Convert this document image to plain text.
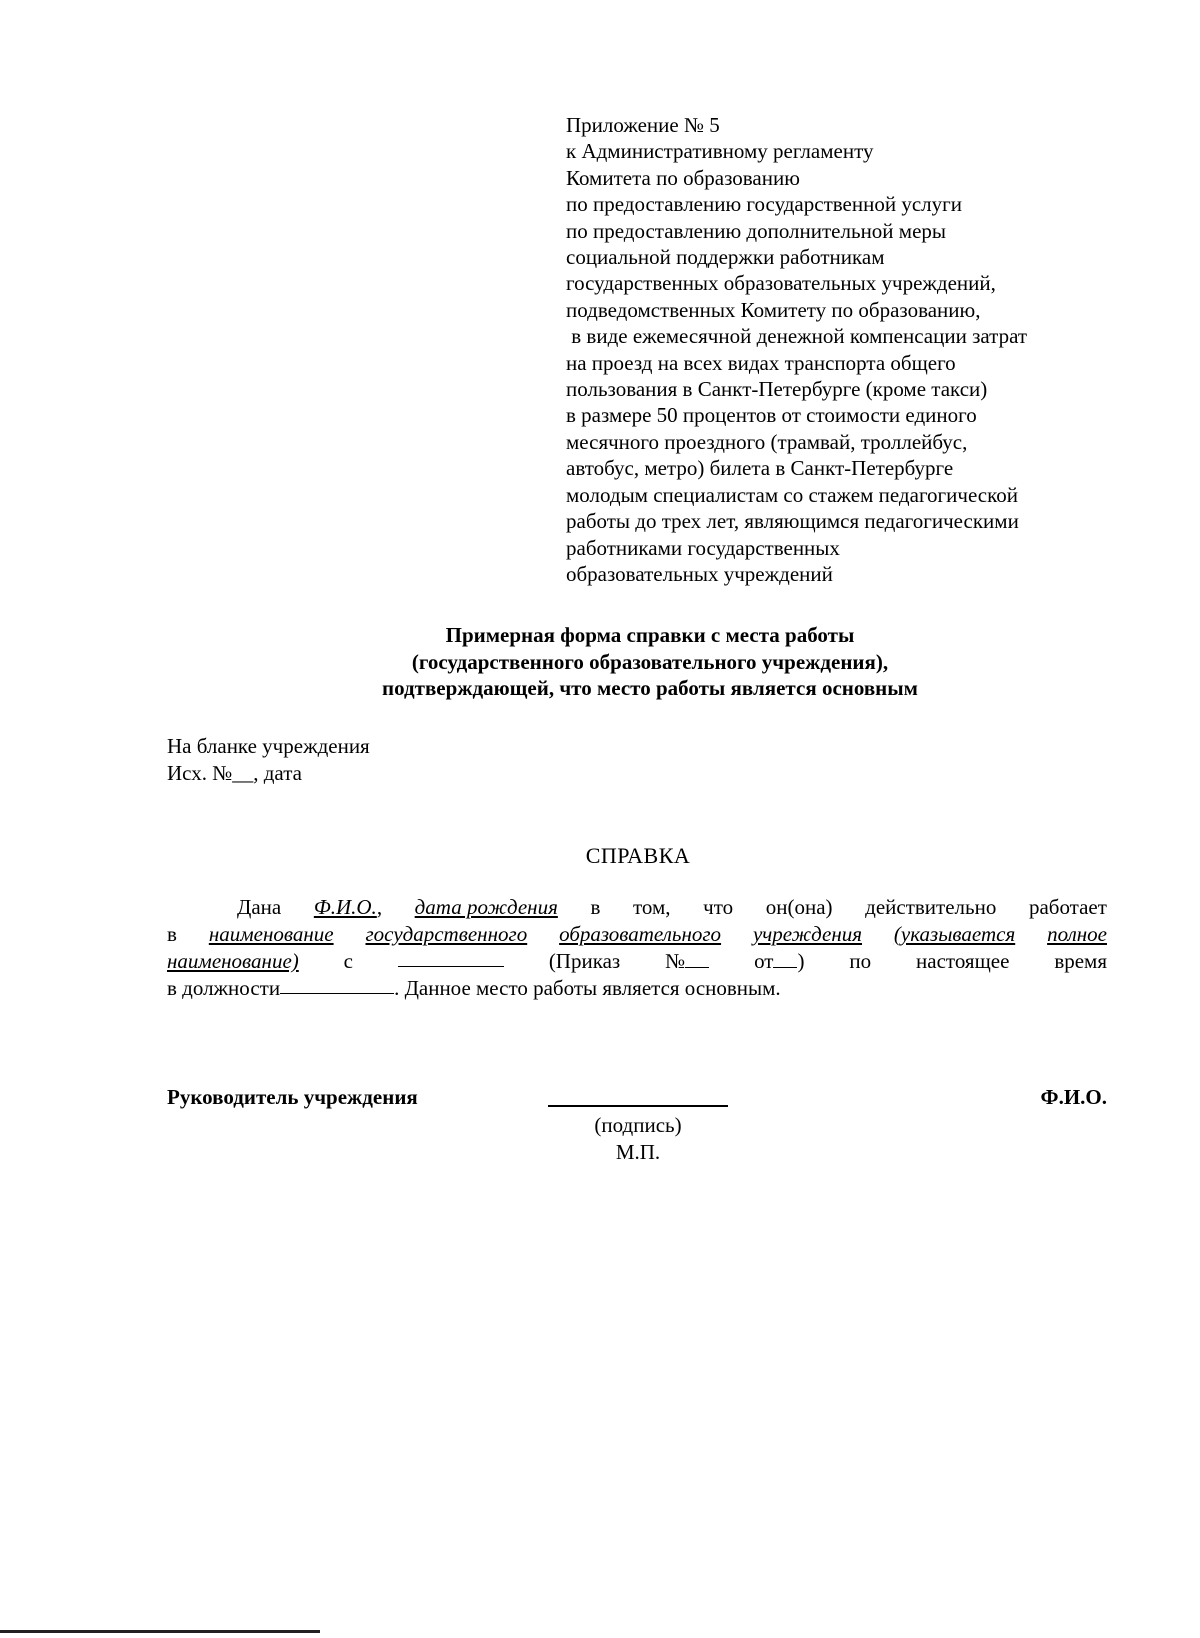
Приложение № 5
к Административному регламенту
Комитета по образованию
по предоставлению государственной услуги
по предоставлению дополнительной меры
социальной поддержки работникам
государственных образовательных учреждений,
подведомственных Комитету по образованию,
в виде ежемесячной денежной компенсации затрат
на проезд на всех видах транспорта общего
пользования в Санкт-Петербурге (кроме такси)
в размере 50 процентов от стоимости единого
месячного проездного (трамвай, троллейбус,
автобус, метро) билета в Санкт-Петербурге
молодым специалистам со стажем педагогической
работы до трех лет, являющимся педагогическими
работниками государственных
образовательных учреждений
Примерная форма справки с места работы
(государственного образовательного учреждения),
подтверждающей, что место работы является основным
На бланке учреждения
Исх. №__, дата
СПРАВКА
Дана Ф.И.О., дата рождения в том, что он(она) действительно работает
в наименование государственного образовательного учреждения (указывается полное
наименование) с	(Приказ №	от ) по настоящее время
в должности	. Данное место работы является основным.
Руководитель учреждения	Ф.И.О.
(подпись)
М.П.
